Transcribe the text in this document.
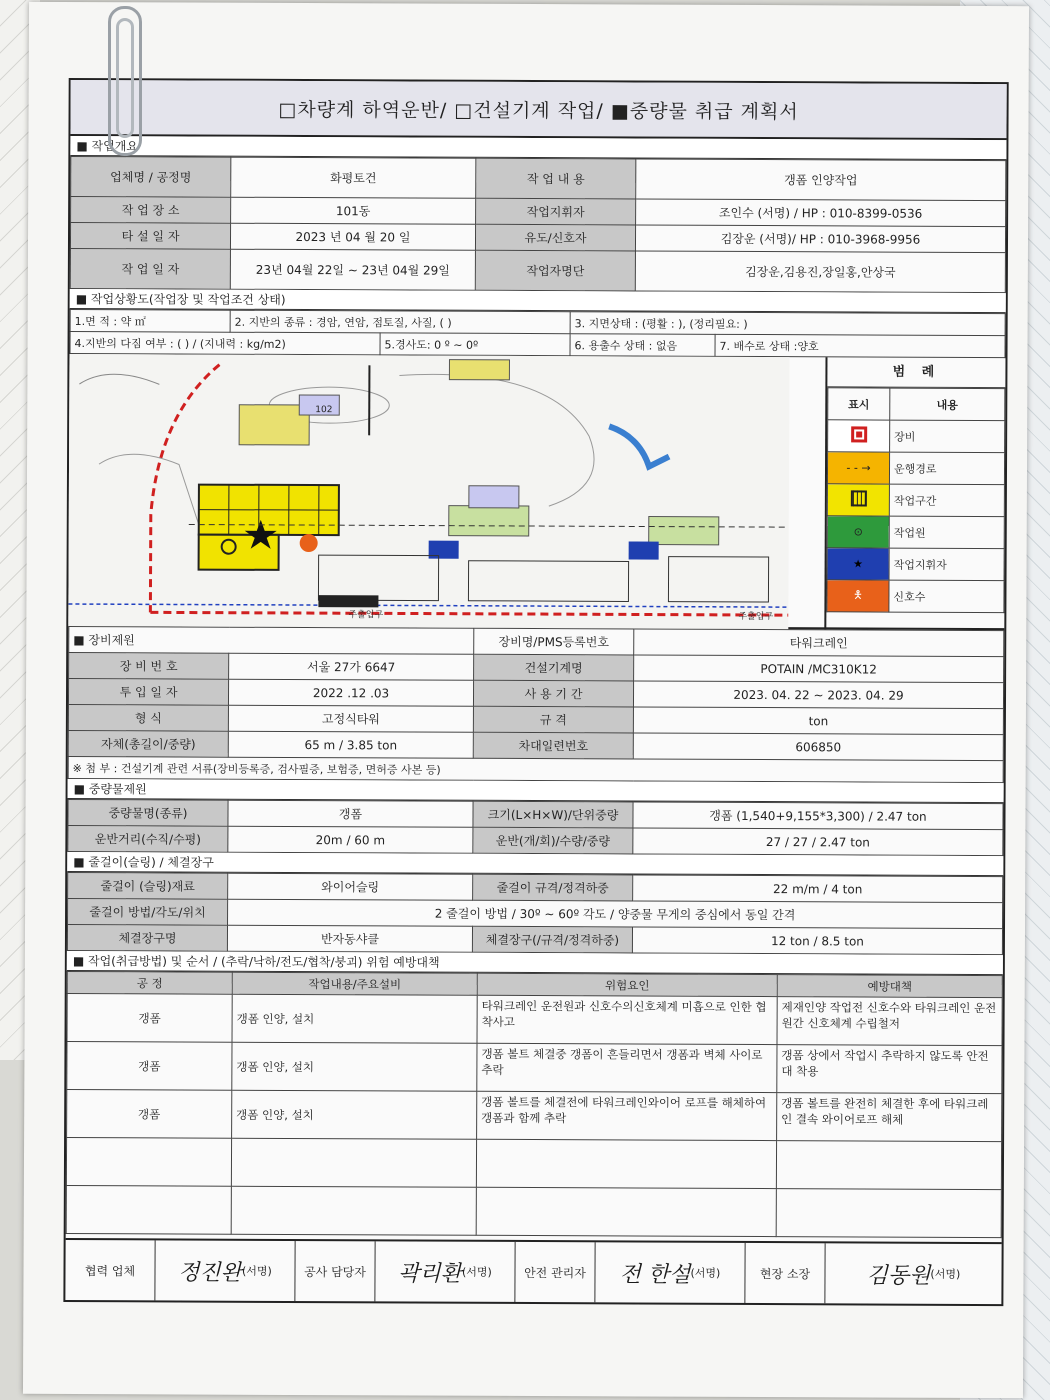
□차량계 하역운반/ □건설기계 작업/ ■중량물 취급 계획서
■ 작업개요
업체명 / 공정명	화평토건	작 업 내 용	갱폼 인양작업
작 업 장 소	101동	작업지휘자	조인수 (서명) / HP : 010-8399-0536
타 설 일 자	2023 년 04 월 20 일	유도/신호자	김장운 (서명)/ HP : 010-3968-9956
작 업 일 자	23년 04월 22일 ~ 23년 04월 29일	작업자명단	김장운,김용진,장일홍,안상국
■ 작업상황도(작업장 및 작업조건 상태)
1.면 적 : 약 ㎡	2. 지반의 종류 : 경암, 연암, 점토질, 사질, ( )		3. 지면상태 : (평활 : ), (정리필요: )	
4.지반의 다짐 여부 : ( ) / (지내력 : kg/m2)		5.경사도: 0 º ~ 0º	6. 용출수 상태 : 없음	7. 배수로 상태 :양호
102
주출입구	주출입구
범 례
표시	내용

	장비
- - →	운행경로
	작업구간
⊙	작업원
★	작업지휘자
🯅	신호수
■ 장비제원		장비명/PMS등록번호	타워크레인
장 비 번 호	서울 27가 6647	건설기계명	POTAIN /MC310K12
투 입 일 자	2022 .12 .03	사 용 기 간	2023. 04. 22 ~ 2023. 04. 29
형 식	고정식타워	규 격	ton
자체(총길이/중량)	65 m / 3.85 ton	차대일련번호	606850
※ 첨 부 : 건설기계 관련 서류(장비등록증, 검사필증, 보험증, 면허증 사본 등)			
■ 중량물제원
중량물명(종류)	갱폼	크기(L×H×W)/단위중량	갱폼 (1,540+9,155*3,300) / 2.47 ton
운반거리(수직/수평)	20m / 60 m	운반(개/회)/수량/중량	27 / 27 / 2.47 ton
■ 줄걸이(슬링) / 체결장구
줄걸이 (슬링)재료	와이어슬링	줄걸이 규격/정격하중	22 m/m / 4 ton
줄걸이 방법/각도/위치	2 줄걸이 방법 / 30º ~ 60º 각도 / 양중물 무게의 중심에서 동일 간격		
체결장구명	반자동샤클	체결장구(/규격/정격하중)	12 ton / 8.5 ton
■ 작업(취급방법) 및 순서 / (추락/낙하/전도/협착/붕괴) 위험 예방대책
공 정	작업내용/주요설비	위험요인	예방대책
갱폼	갱폼 인양, 설치	타워크레인 운전원과 신호수의신호체계 미흡으로 인한 협착사고	제재인양 작업전 신호수와 타워크레인 운전원간 신호체계 수립철저
갱폼	갱폼 인양, 설치	갱폼 볼트 체결중 갱폼이 흔들리면서 갱폼과 벽체 사이로 추락	갱폼 상에서 작업시 추락하지 않도록 안전대 착용
갱폼	갱폼 인양, 설치	갱폼 볼트를 체결전에 타워크레인와이어 로프를 해체하여 갱폼과 함께 추락	갱폼 볼트를 완전히 체결한 후에 타워크레인 결속 와이어로프 해체

협력 업체	정진완 (서명)	공사 담당자	곽리환 (서명)	안전 관리자	전 한설 (서명)	현장 소장	김동원 (서명)
